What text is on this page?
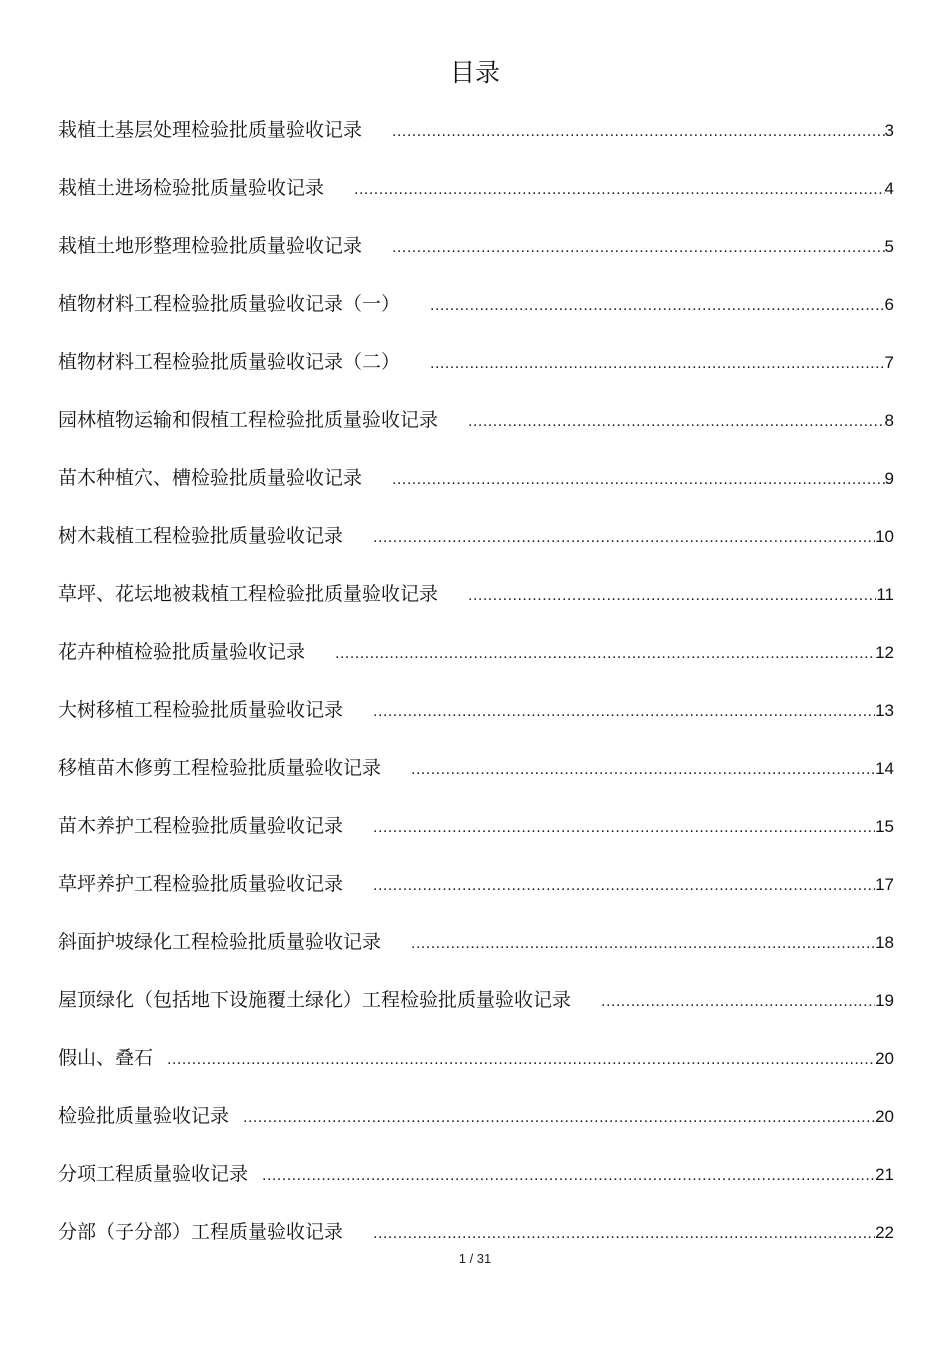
目录
栽植土基层处理检验批质量验收记录 .....	3
栽植土进场检验批质量验收记录 .....	4
栽植土地形整理检验批质量验收记录 .....	5
植物材料工程检验批质量验收记录（一） .....	6
植物材料工程检验批质量验收记录（二） .....	7
园林植物运输和假植工程检验批质量验收记录 .....	8
苗木种植穴、槽检验批质量验收记录 .....	9
树木栽植工程检验批质量验收记录 .....	10
草坪、花坛地被栽植工程检验批质量验收记录 .....	11
花卉种植检验批质量验收记录 .....	12
大树移植工程检验批质量验收记录 .....	13
移植苗木修剪工程检验批质量验收记录 .....	14
苗木养护工程检验批质量验收记录 .....	15
草坪养护工程检验批质量验收记录 .....	17
斜面护坡绿化工程检验批质量验收记录 .....	18
屋顶绿化（包括地下设施覆土绿化）工程检验批质量验收记录 .....	19
假山、叠石 .....	20
检验批质量验收记录 .....	20
分项工程质量验收记录 .....	21
分部（子分部）工程质量验收记录 .....	22
1 / 31
